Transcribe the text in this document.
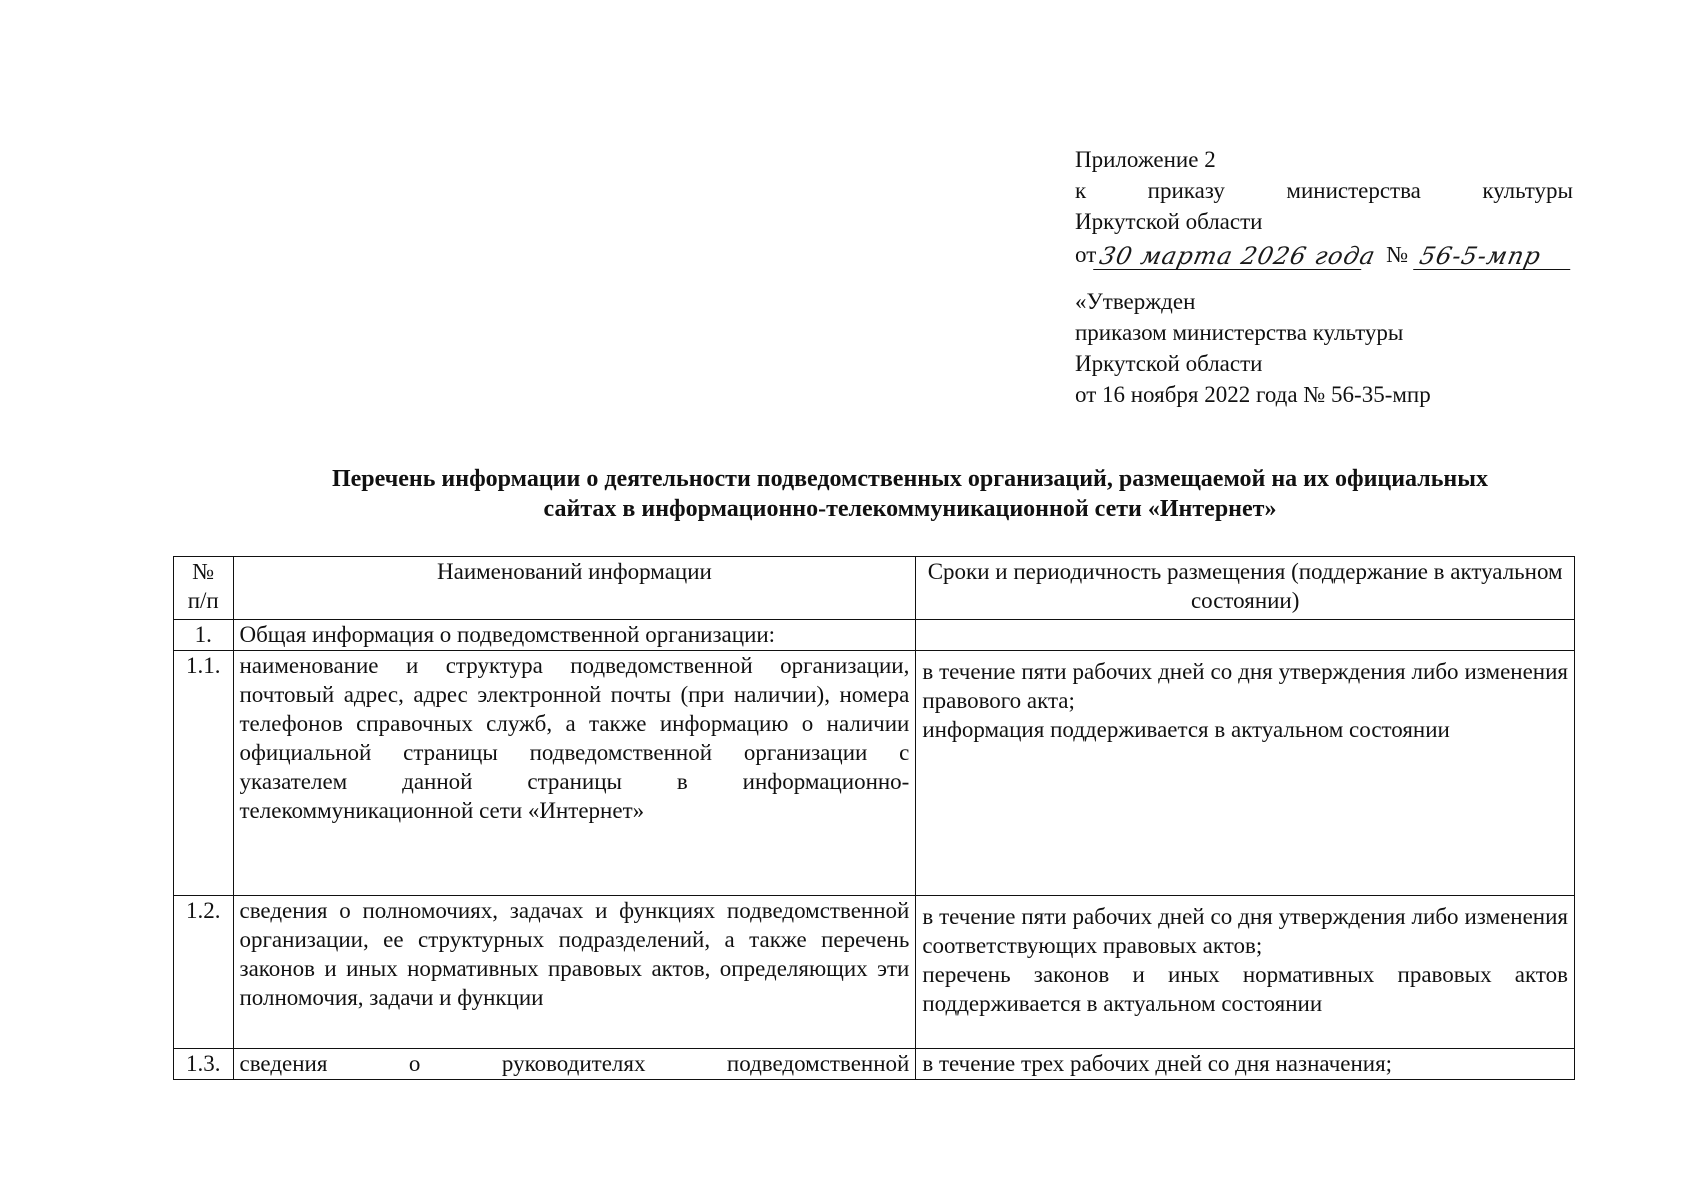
Приложение 2
к	приказу	министерства	культуры
Иркутской области
от 30 марта 2026 года № 56-5-мпр
«Утвержден
приказом министерства культуры
Иркутской области
от 16 ноября 2022 года № 56-35-мпр
Перечень информации о деятельности подведомственных организаций, размещаемой на их официальных
сайтах в информационно-телекоммуникационной сети «Интернет»
№
п/п	Наименований информации	Сроки и периодичность размещения (поддержание в актуальном состоянии)
1.	Общая информация о подведомственной организации:	
1.1.	наименование и структура подведомственной организации, почтовый адрес, адрес электронной почты (при наличии), номера телефонов справочных служб, а также информацию о наличии официальной страницы подведомственной организации с указателем данной страницы в информационно-телекоммуникационной сети «Интернет»	в течение пяти рабочих дней со дня утверждения либо изменения правового акта;
информация поддерживается в актуальном состоянии

1.2.	сведения о полномочиях, задачах и функциях подведомственной организации, ее структурных подразделений, а также перечень законов и иных нормативных правовых актов, определяющих эти полномочия, задачи и функции	в течение пяти рабочих дней со дня утверждения либо изменения соответствующих правовых актов;
перечень законов и иных нормативных правовых актов поддерживается в актуальном состоянии

1.3.	сведения о руководителях подведомственной	в течение трех рабочих дней со дня назначения;
